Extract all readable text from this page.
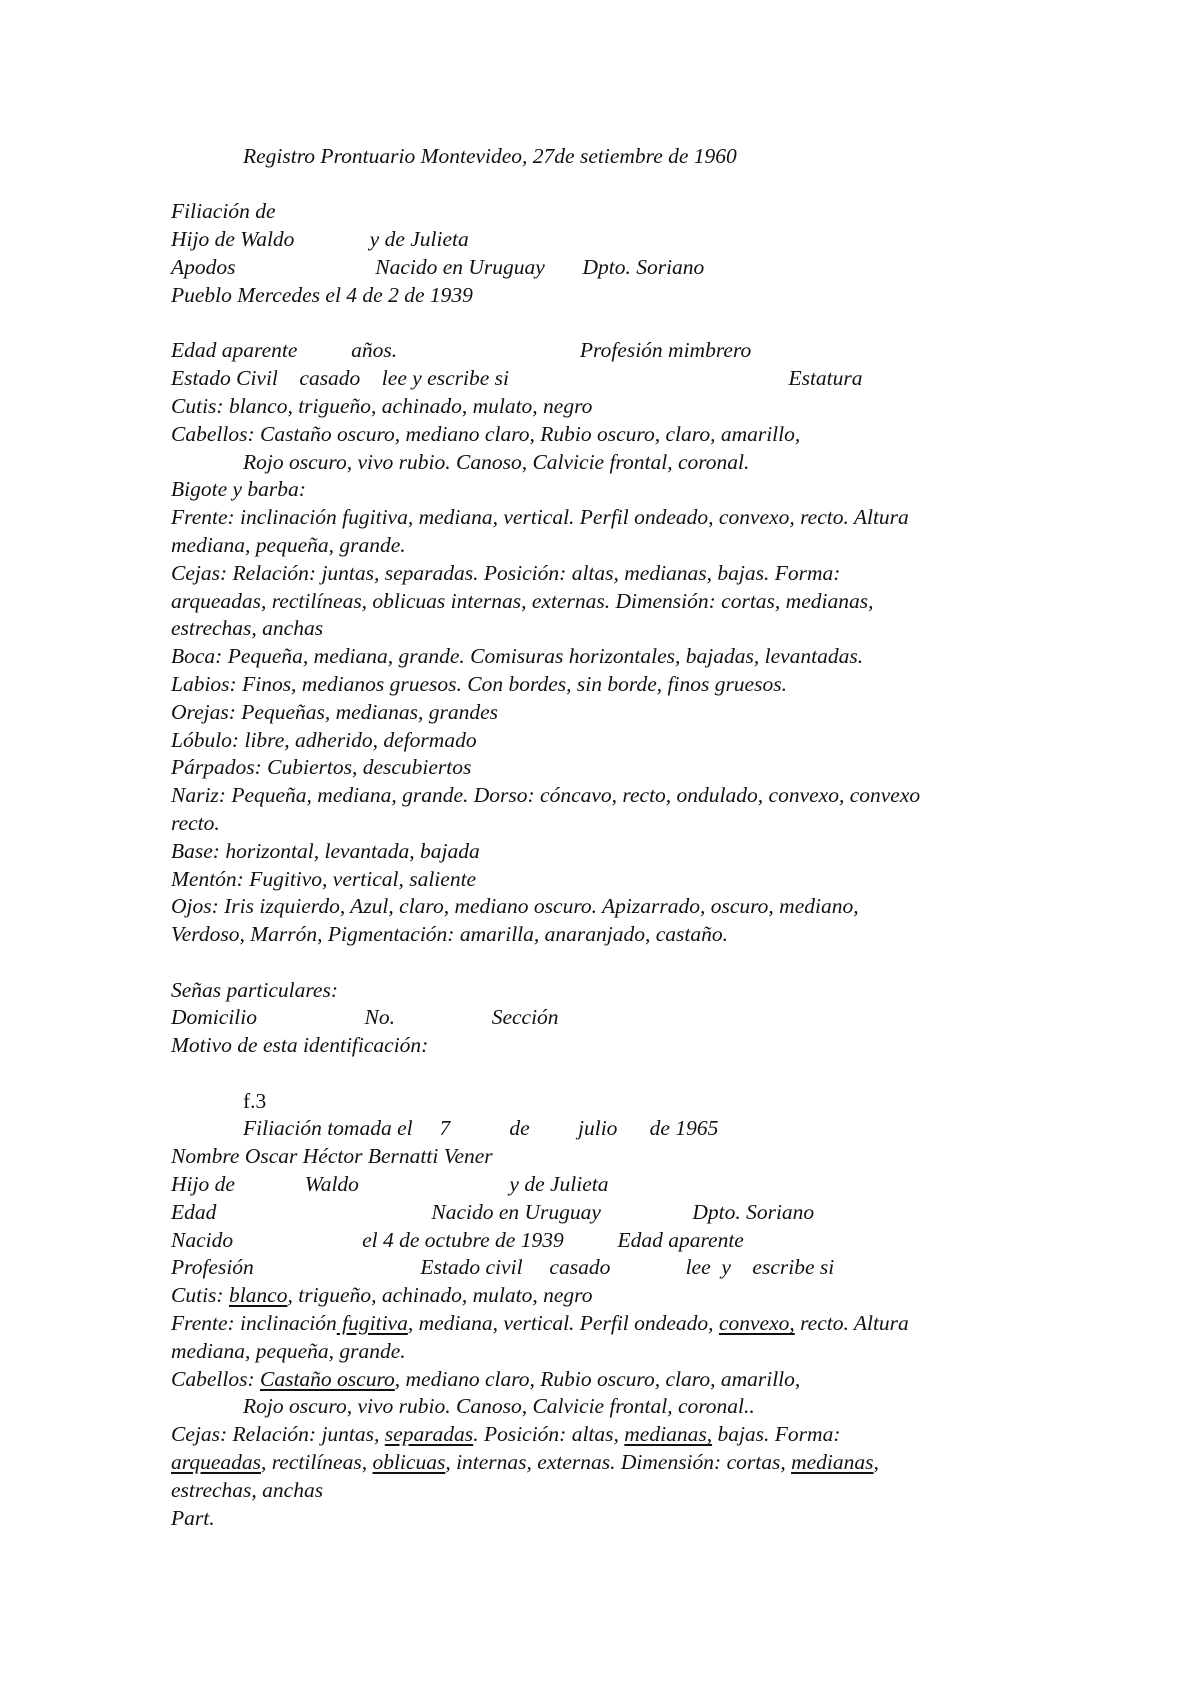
Registro Prontuario Montevideo, 27de setiembre de 1960
Filiación de
Hijo de Waldo              y de Julieta
Apodos                          Nacido en Uruguay       Dpto. Soriano
Pueblo Mercedes el 4 de 2 de 1939
Edad aparente          años.                                  Profesión mimbrero
Estado Civil    casado    lee y escribe si                                                    Estatura
Cutis: blanco, trigueño, achinado, mulato, negro
Cabellos: Castaño oscuro, mediano claro, Rubio oscuro, claro, amarillo,
Rojo oscuro, vivo rubio. Canoso, Calvicie frontal, coronal.
Bigote y barba:
Frente: inclinación fugitiva, mediana, vertical. Perfil ondeado, convexo, recto. Altura
mediana, pequeña, grande.
Cejas: Relación: juntas, separadas. Posición: altas, medianas, bajas. Forma:
arqueadas, rectilíneas, oblicuas internas, externas. Dimensión: cortas, medianas,
estrechas, anchas
Boca: Pequeña, mediana, grande. Comisuras horizontales, bajadas, levantadas.
Labios: Finos, medianos gruesos. Con bordes, sin borde, finos gruesos.
Orejas: Pequeñas, medianas, grandes
Lóbulo: libre, adherido, deformado
Párpados: Cubiertos, descubiertos
Nariz: Pequeña, mediana, grande. Dorso: cóncavo, recto, ondulado, convexo, convexo
recto.
Base: horizontal, levantada, bajada
Mentón: Fugitivo, vertical, saliente
Ojos: Iris izquierdo, Azul, claro, mediano oscuro. Apizarrado, oscuro, mediano,
Verdoso, Marrón, Pigmentación: amarilla, anaranjado, castaño.
Señas particulares:
Domicilio                    No.                  Sección
Motivo de esta identificación:
f.3
Filiación tomada el     7           de         julio      de 1965
Nombre Oscar Héctor Bernatti Vener
Hijo de             Waldo                            y de Julieta
Edad                                        Nacido en Uruguay                 Dpto. Soriano
Nacido                        el 4 de octubre de 1939          Edad aparente
Profesión                               Estado civil     casado              lee  y    escribe si
Cutis: blanco, trigueño, achinado, mulato, negro
Frente: inclinación fugitiva, mediana, vertical. Perfil ondeado, convexo, recto. Altura
mediana, pequeña, grande.
Cabellos: Castaño oscuro, mediano claro, Rubio oscuro, claro, amarillo,
Rojo oscuro, vivo rubio. Canoso, Calvicie frontal, coronal..
Cejas: Relación: juntas, separadas. Posición: altas, medianas, bajas. Forma:
arqueadas, rectilíneas, oblicuas, internas, externas. Dimensión: cortas, medianas,
estrechas, anchas
Part.
